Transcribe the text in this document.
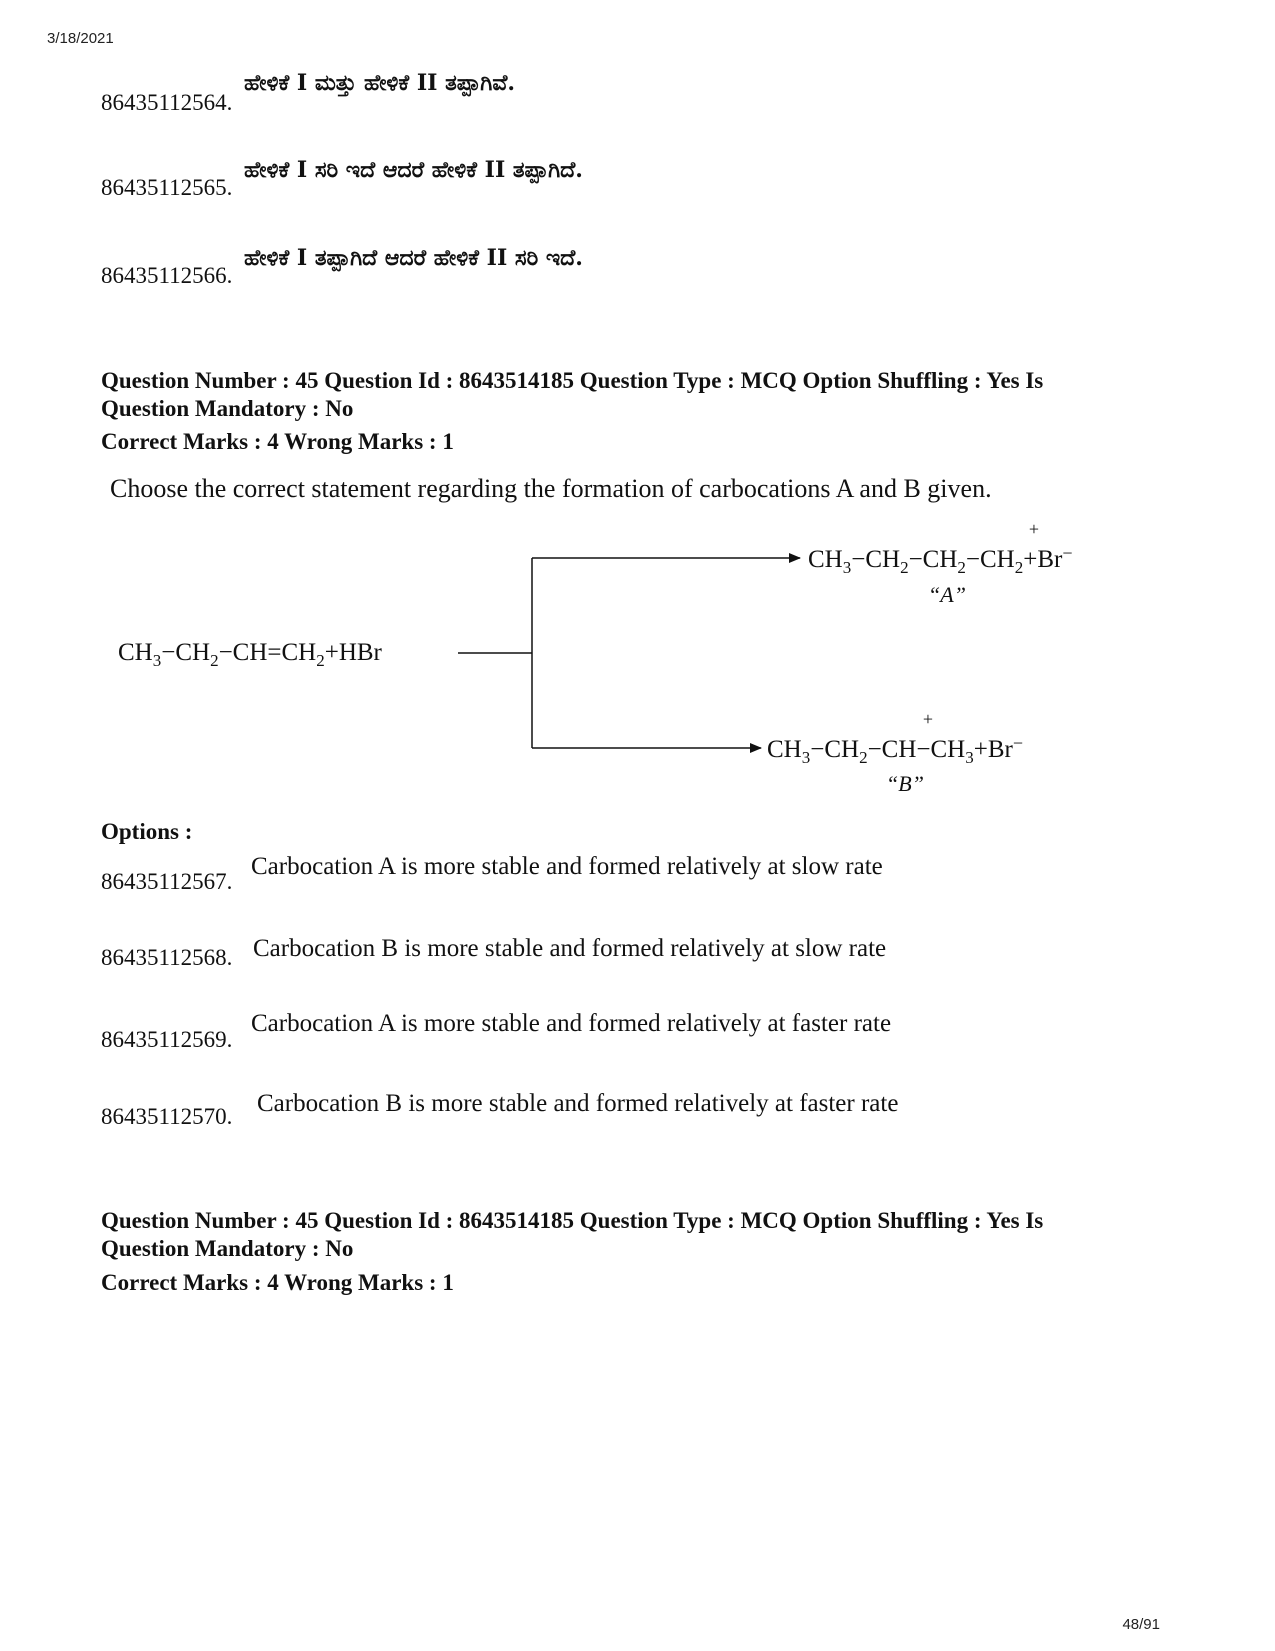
3/18/2021
86435112564.
ಹೇಳಿಕೆ I ಮತ್ತು ಹೇಳಿಕೆ II ತಪ್ಪಾಗಿವೆ.
86435112565.
ಹೇಳಿಕೆ I ಸರಿ ಇದೆ ಆದರೆ ಹೇಳಿಕೆ II ತಪ್ಪಾಗಿದೆ.
86435112566.
ಹೇಳಿಕೆ I ತಪ್ಪಾಗಿದೆ ಆದರೆ ಹೇಳಿಕೆ II ಸರಿ ಇದೆ.
Question Number : 45 Question Id : 8643514185 Question Type : MCQ Option Shuffling : Yes Is Question Mandatory : No
Correct Marks : 4 Wrong Marks : 1
Choose the correct statement regarding the formation of carbocations A and B given.
$CH_3-CH_2-CH=CH_2+HBr$
$CH_3-CH_2-CH_2-CH_2+Br^-$
+
“A”
$CH_3-CH_2-CH-CH_3+Br^-$
+
“B”
Options :
86435112567.
Carbocation A is more stable and formed relatively at slow rate
86435112568. Carbocation B is more stable and formed relatively at slow rate
86435112569.
Carbocation A is more stable and formed relatively at faster rate
86435112570. Carbocation B is more stable and formed relatively at faster rate
Question Number : 45 Question Id : 8643514185 Question Type : MCQ Option Shuffling : Yes Is Question Mandatory : No
Correct Marks : 4 Wrong Marks : 1
48/91
